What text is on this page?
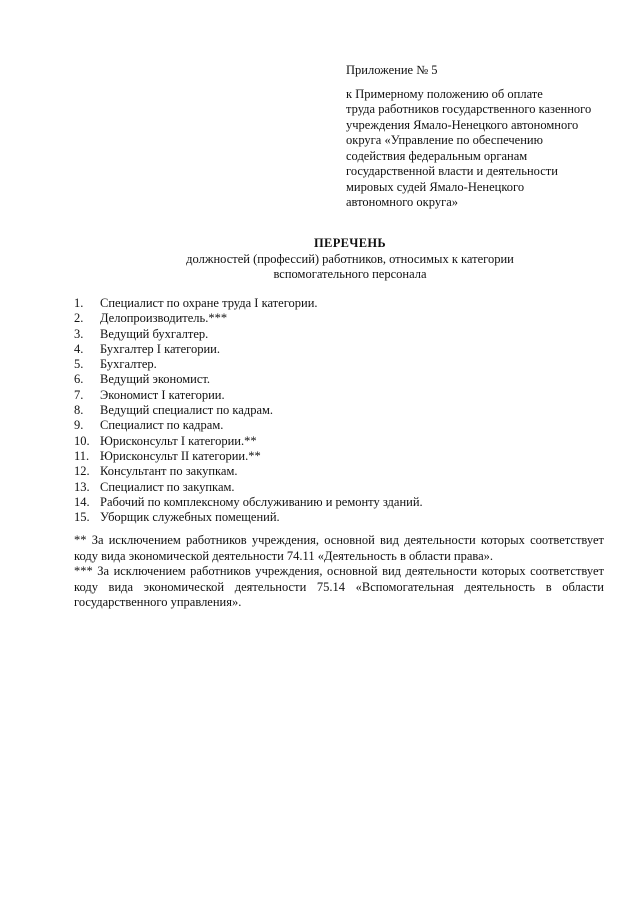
Приложение № 5
к Примерному положению об оплате
труда работников государственного казенного
учреждения Ямало-Ненецкого автономного
округа «Управление по обеспечению
содействия федеральным органам
государственной власти и деятельности
мировых судей Ямало-Ненецкого
автономного округа»
ПЕРЕЧЕНЬ
должностей (профессий) работников, относимых к категории
вспомогательного персонала
1.	Специалист по охране труда I категории.
2.	Делопроизводитель.***
3.	Ведущий бухгалтер.
4.	Бухгалтер I категории.
5.	Бухгалтер.
6.	Ведущий экономист.
7.	Экономист I категории.
8.	Ведущий специалист по кадрам.
9.	Специалист по кадрам.
10. Юрисконсульт I категории.**
11. Юрисконсульт II категории.**
12. Консультант по закупкам.
13. Специалист по закупкам.
14. Рабочий по комплексному обслуживанию и ремонту зданий.
15. Уборщик служебных помещений.

** За исключением работников учреждения, основной вид деятельности которых соответствует коду вида экономической деятельности 74.11 «Деятельность в области права».

*** За исключением работников учреждения, основной вид деятельности которых соответствует коду вида экономической деятельности 75.14 «Вспомогательная деятельность в области государственного управления».
